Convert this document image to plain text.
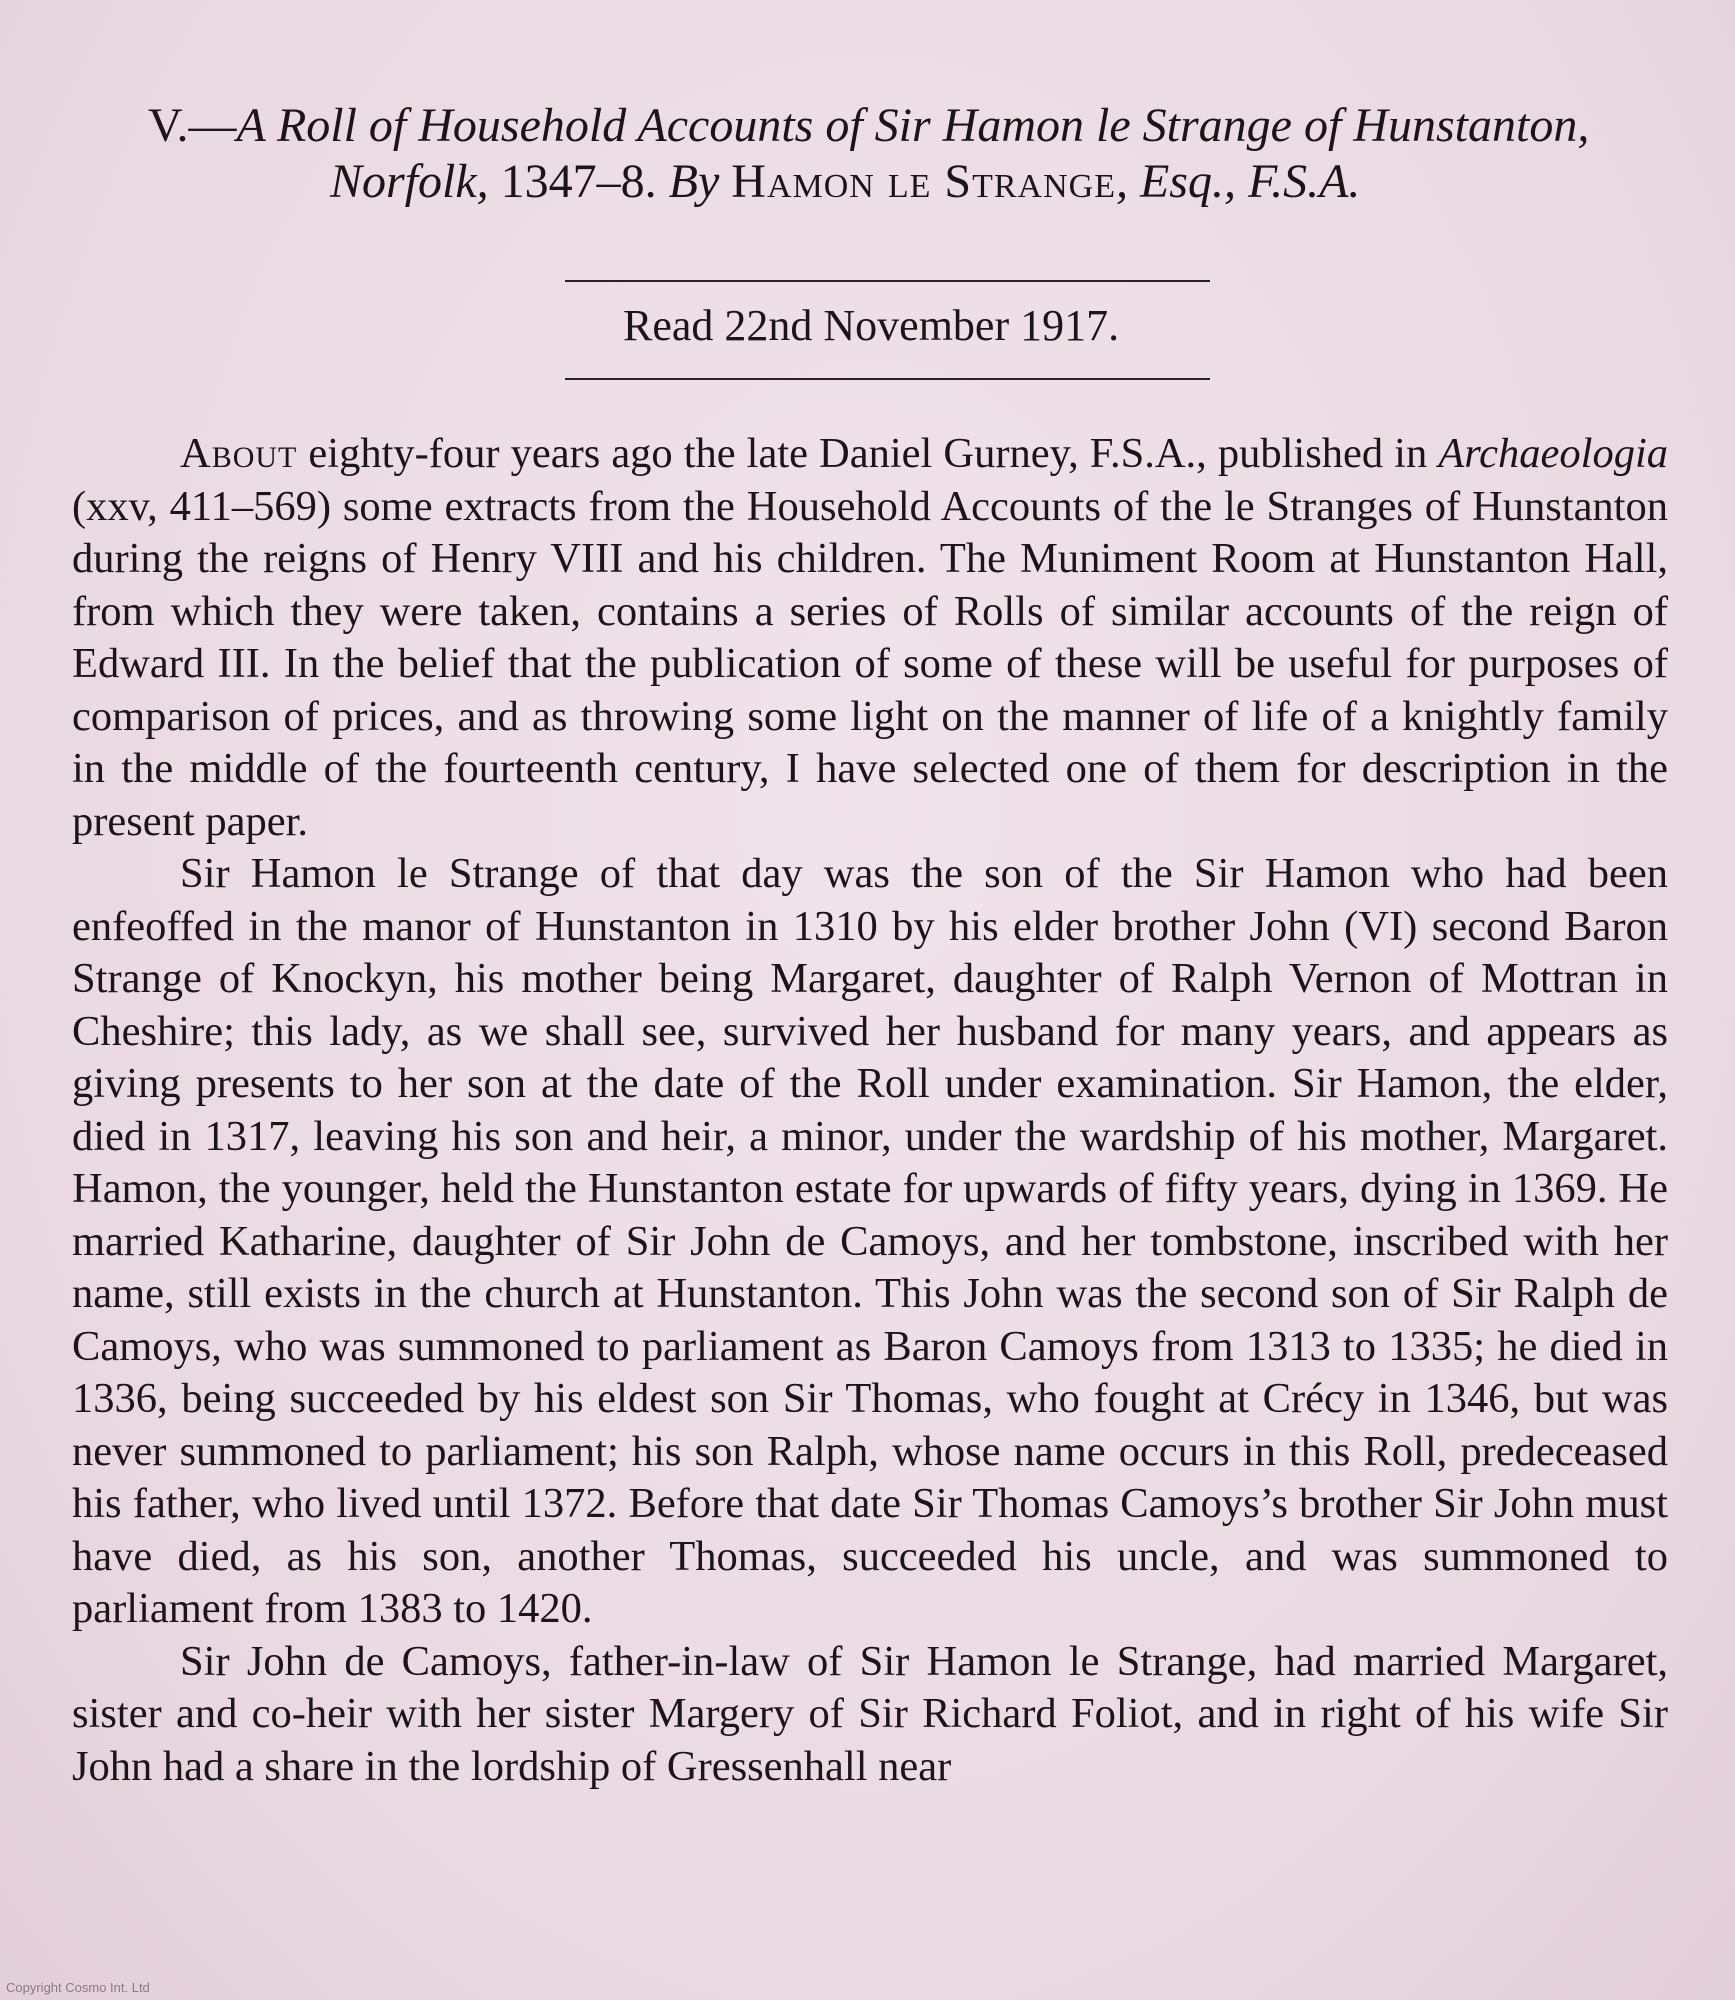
V.—A Roll of Household Accounts of Sir Hamon le Strange of Hunstanton,
Norfolk, 1347–8. By Hamon le Strange, Esq., F.S.A.
Read 22nd November 1917.

About eighty-four years ago the late Daniel Gurney, F.S.A., published in Archaeologia (xxv, 411–569) some extracts from the Household Accounts of the le Stranges of Hunstanton during the reigns of Henry VIII and his children. The Muniment Room at Hunstanton Hall, from which they were taken, contains a series of Rolls of similar accounts of the reign of Edward III. In the belief that the publication of some of these will be useful for purposes of comparison of prices, and as throwing some light on the manner of life of a knightly family in the middle of the fourteenth century, I have selected one of them for description in the present paper.

Sir Hamon le Strange of that day was the son of the Sir Hamon who had been enfeoffed in the manor of Hunstanton in 1310 by his elder brother John (VI) second Baron Strange of Knockyn, his mother being Margaret, daughter of Ralph Vernon of Mottran in Cheshire; this lady, as we shall see, survived her husband for many years, and appears as giving presents to her son at the date of the Roll under examination. Sir Hamon, the elder, died in 1317, leaving his son and heir, a minor, under the wardship of his mother, Margaret. Hamon, the younger, held the Hunstanton estate for upwards of fifty years, dying in 1369. He married Katharine, daughter of Sir John de Camoys, and her tombstone, inscribed with her name, still exists in the church at Hunstanton. This John was the second son of Sir Ralph de Camoys, who was summoned to parliament as Baron Camoys from 1313 to 1335; he died in 1336, being succeeded by his eldest son Sir Thomas, who fought at Crécy in 1346, but was never summoned to parliament; his son Ralph, whose name occurs in this Roll, predeceased his father, who lived until 1372. Before that date Sir Thomas Camoys’s brother Sir John must have died, as his son, another Thomas, succeeded his uncle, and was summoned to parliament from 1383 to 1420.

Sir John de Camoys, father-in-law of Sir Hamon le Strange, had married Margaret, sister and co-heir with her sister Margery of Sir Richard Foliot, and in right of his wife Sir John had a share in the lordship of Gressenhall near

Copyright Cosmo Int. Ltd
